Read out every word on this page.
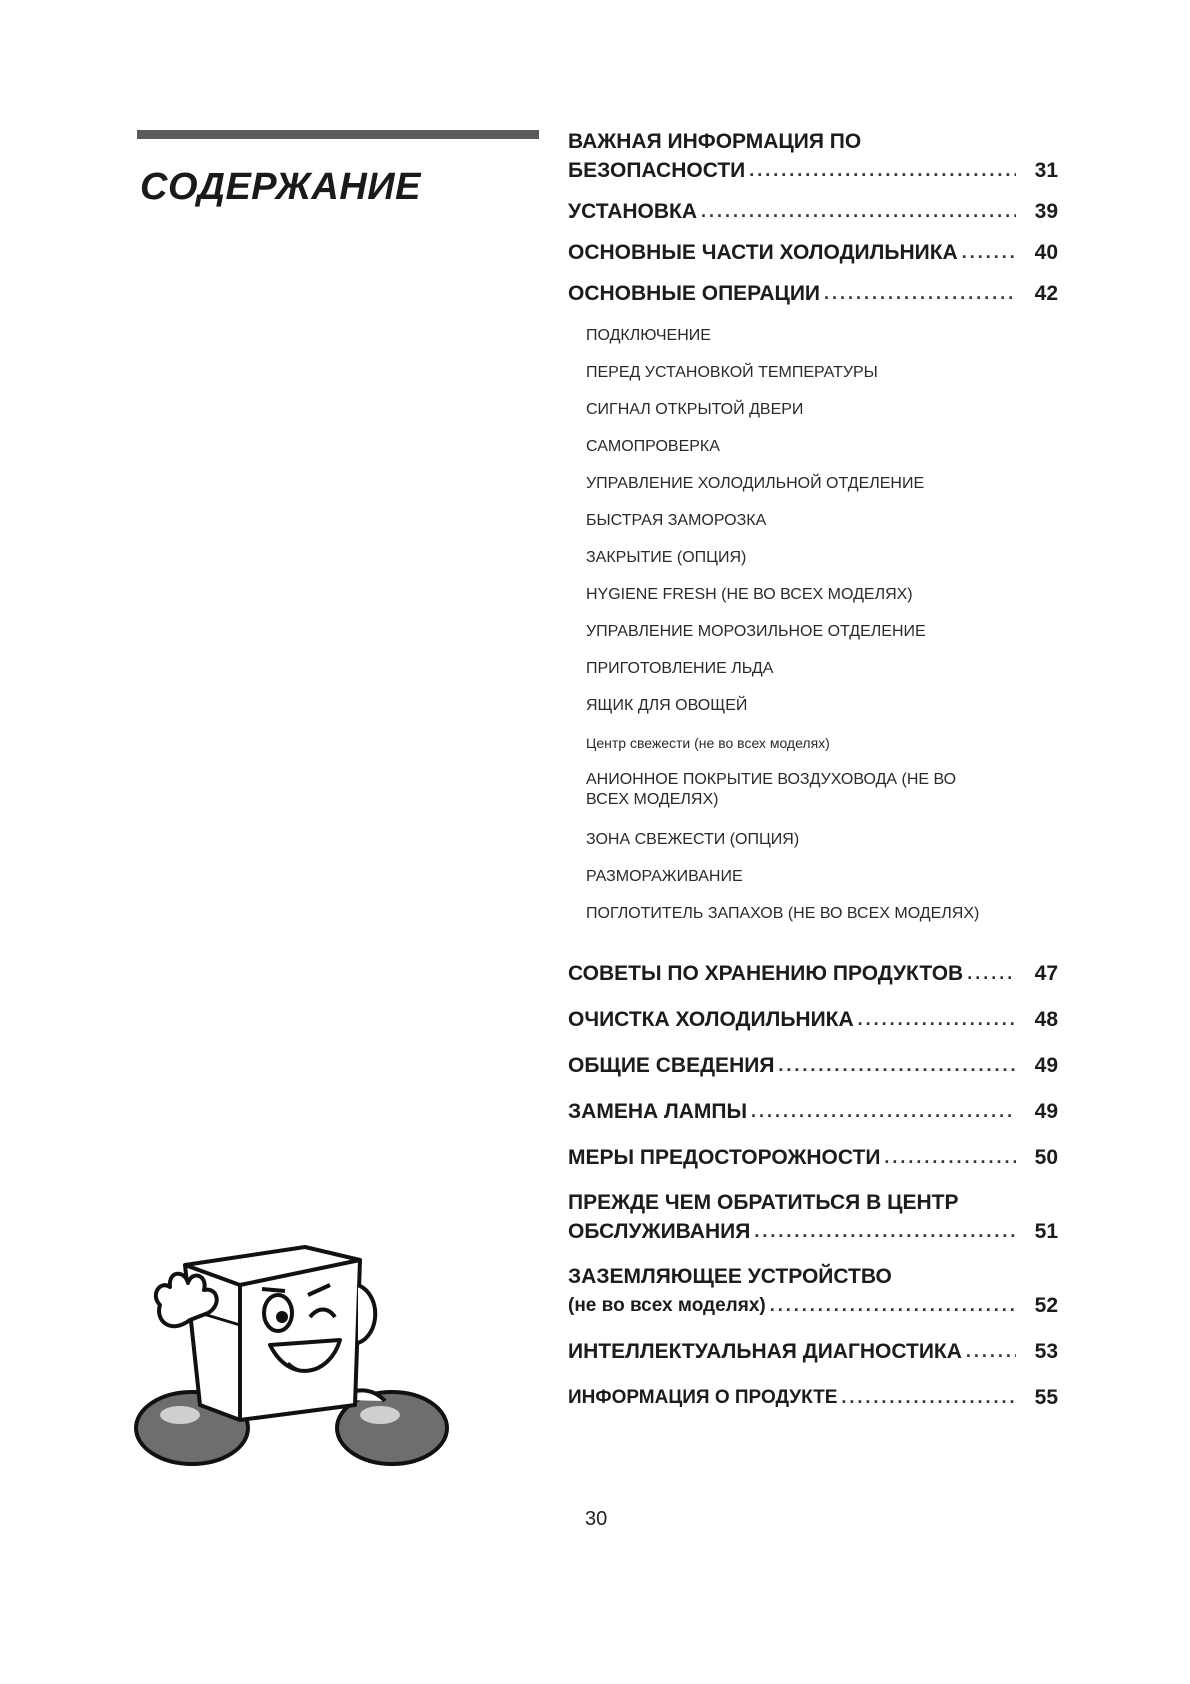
СОДЕРЖАНИЕ
ВАЖНАЯ ИНФОРМАЦИЯ ПО
БЕЗОПАСНОСТИ . . .	31
УСТАНОВКА . . .	39
ОСНОВНЫЕ ЧАСТИ ХОЛОДИЛЬНИКА . . .	40
ОСНОВНЫЕ ОПЕРАЦИИ . . .	42
ПОДКЛЮЧЕНИЕ
ПЕРЕД УСТАНОВКОЙ ТЕМПЕРАТУРЫ
СИГНАЛ ОТКРЫТОЙ ДВЕРИ
САМОПРОВЕРКА
УПРАВЛЕНИЕ ХОЛОДИЛЬНОЙ ОТДЕЛЕНИЕ
БЫСТРАЯ ЗАМОРОЗКА
ЗАКРЫТИЕ (ОПЦИЯ)
HYGIENE FRESH (НЕ ВО ВСЕХ МОДЕЛЯХ)
УПРАВЛЕНИЕ МОРОЗИЛЬНОЕ ОТДЕЛЕНИЕ
ПРИГОТОВЛЕНИЕ ЛЬДА
ЯЩИК ДЛЯ ОВОЩЕЙ
Центр свежести (не во всех моделях)
АНИОННОЕ ПОКРЫТИЕ ВОЗДУХОВОДА (НЕ ВО ВСЕХ МОДЕЛЯХ)
ЗОНА СВЕЖЕСТИ (ОПЦИЯ)
РАЗМОРАЖИВАНИЕ
ПОГЛОТИТЕЛЬ ЗАПАХОВ (НЕ ВО ВСЕХ МОДЕЛЯХ)
СОВЕТЫ ПО ХРАНЕНИЮ ПРОДУКТОВ . . .	47
ОЧИСТКА ХОЛОДИЛЬНИКА . . .	48
ОБЩИЕ СВЕДЕНИЯ . . .	49
ЗАМЕНА ЛАМПЫ . . .	49
МЕРЫ ПРЕДОСТОРОЖНОСТИ . . .	50
ПРЕЖДЕ ЧЕМ ОБРАТИТЬСЯ В ЦЕНТР
ОБСЛУЖИВАНИЯ . . .	51
ЗАЗЕМЛЯЮЩЕЕ УСТРОЙСТВО
(не во всех моделях) . . .	52
ИНТЕЛЛЕКТУАЛЬНАЯ ДИАГНОСТИКА . . .	53
ИНФОРМАЦИЯ О ПРОДУКТЕ . . .	55
30
